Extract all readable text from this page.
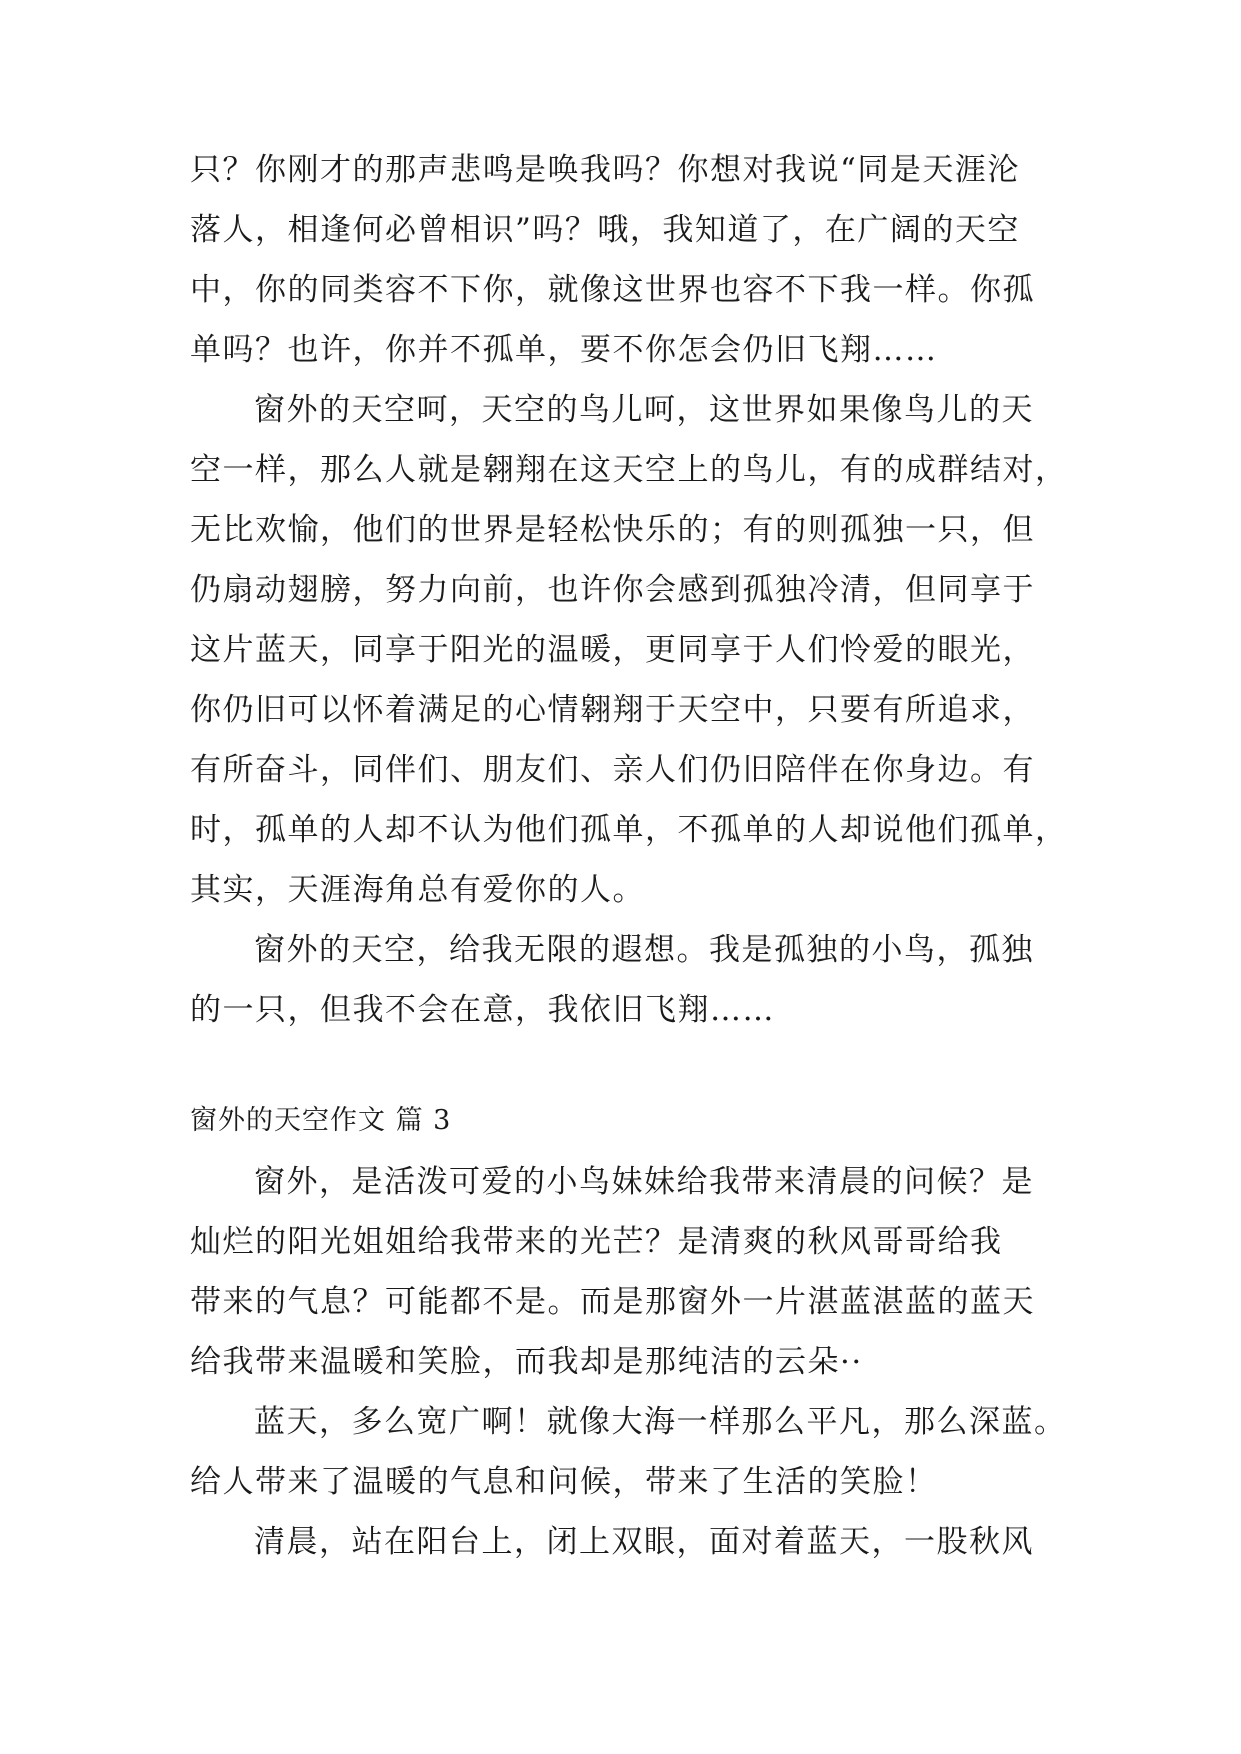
只？你刚才的那声悲鸣是唤我吗？你想对我说“同是天涯沦
落人，相逢何必曾相识”吗？哦，我知道了，在广阔的天空
中，你的同类容不下你，就像这世界也容不下我一样。你孤
单吗？也许，你并不孤单，要不你怎会仍旧飞翔……
窗外的天空呵，天空的鸟儿呵，这世界如果像鸟儿的天
空一样，那么人就是翱翔在这天空上的鸟儿，有的成群结对，
无比欢愉，他们的世界是轻松快乐的；有的则孤独一只，但
仍扇动翅膀，努力向前，也许你会感到孤独冷清，但同享于
这片蓝天，同享于阳光的温暖，更同享于人们怜爱的眼光，
你仍旧可以怀着满足的心情翱翔于天空中，只要有所追求，
有所奋斗，同伴们、朋友们、亲人们仍旧陪伴在你身边。有
时，孤单的人却不认为他们孤单，不孤单的人却说他们孤单，
其实，天涯海角总有爱你的人。
窗外的天空，给我无限的遐想。我是孤独的小鸟，孤独
的一只，但我不会在意，我依旧飞翔……
窗外的天空作文 篇 3
窗外，是活泼可爱的小鸟妹妹给我带来清晨的问候？是
灿烂的阳光姐姐给我带来的光芒？是清爽的秋风哥哥给我
带来的气息？可能都不是。而是那窗外一片湛蓝湛蓝的蓝天
给我带来温暖和笑脸，而我却是那纯洁的云朵··
蓝天，多么宽广啊！就像大海一样那么平凡，那么深蓝。
给人带来了温暖的气息和问候，带来了生活的笑脸！
清晨，站在阳台上，闭上双眼，面对着蓝天，一股秋风
